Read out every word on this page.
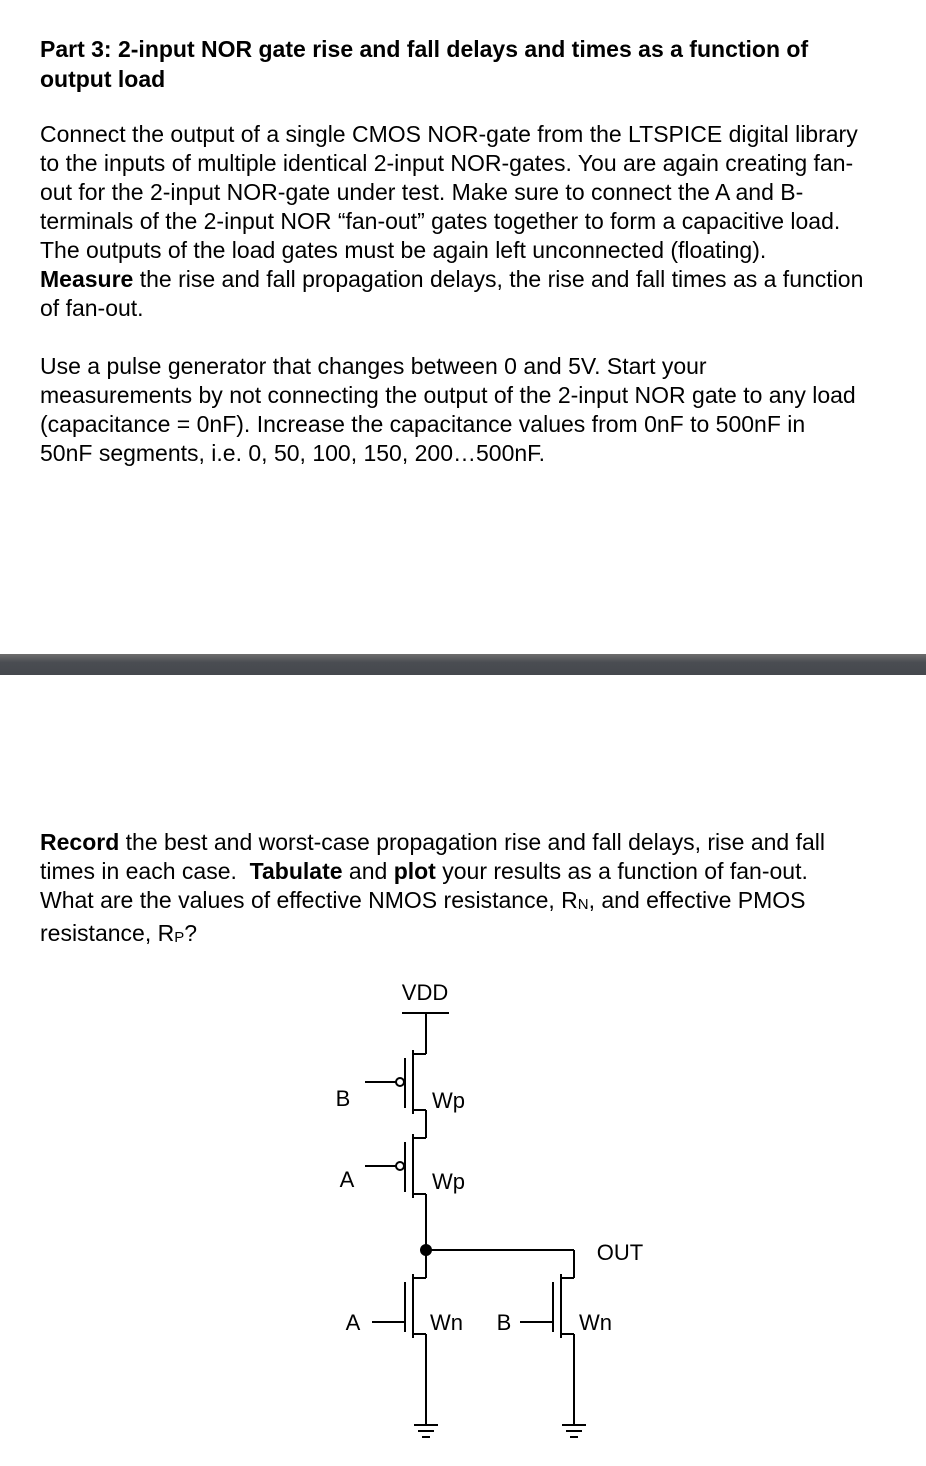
Part 3: 2-input NOR gate rise and fall delays and times as a function of
output load

Connect the output of a single CMOS NOR-gate from the LTSPICE digital library
to the inputs of multiple identical 2-input NOR-gates. You are again creating fan-
out for the 2-input NOR-gate under test. Make sure to connect the A and B-
terminals of the 2-input NOR “fan-out” gates together to form a capacitive load.
The outputs of the load gates must be again left unconnected (floating).
Measure the rise and fall propagation delays, the rise and fall times as a function
of fan-out.

Use a pulse generator that changes between 0 and 5V. Start your
measurements by not connecting the output of the 2-input NOR gate to any load
(capacitance = 0nF). Increase the capacitance values from 0nF to 500nF in
50nF segments, i.e. 0, 50, 100, 150, 200…500nF.

Record the best and worst-case propagation rise and fall delays, rise and fall
times in each case.  Tabulate and plot your results as a function of fan-out.
What are the values of effective NMOS resistance, RN, and effective PMOS
resistance, RP?

VDD
B	Wp
A	Wp
OUT
A	Wn B	Wn
